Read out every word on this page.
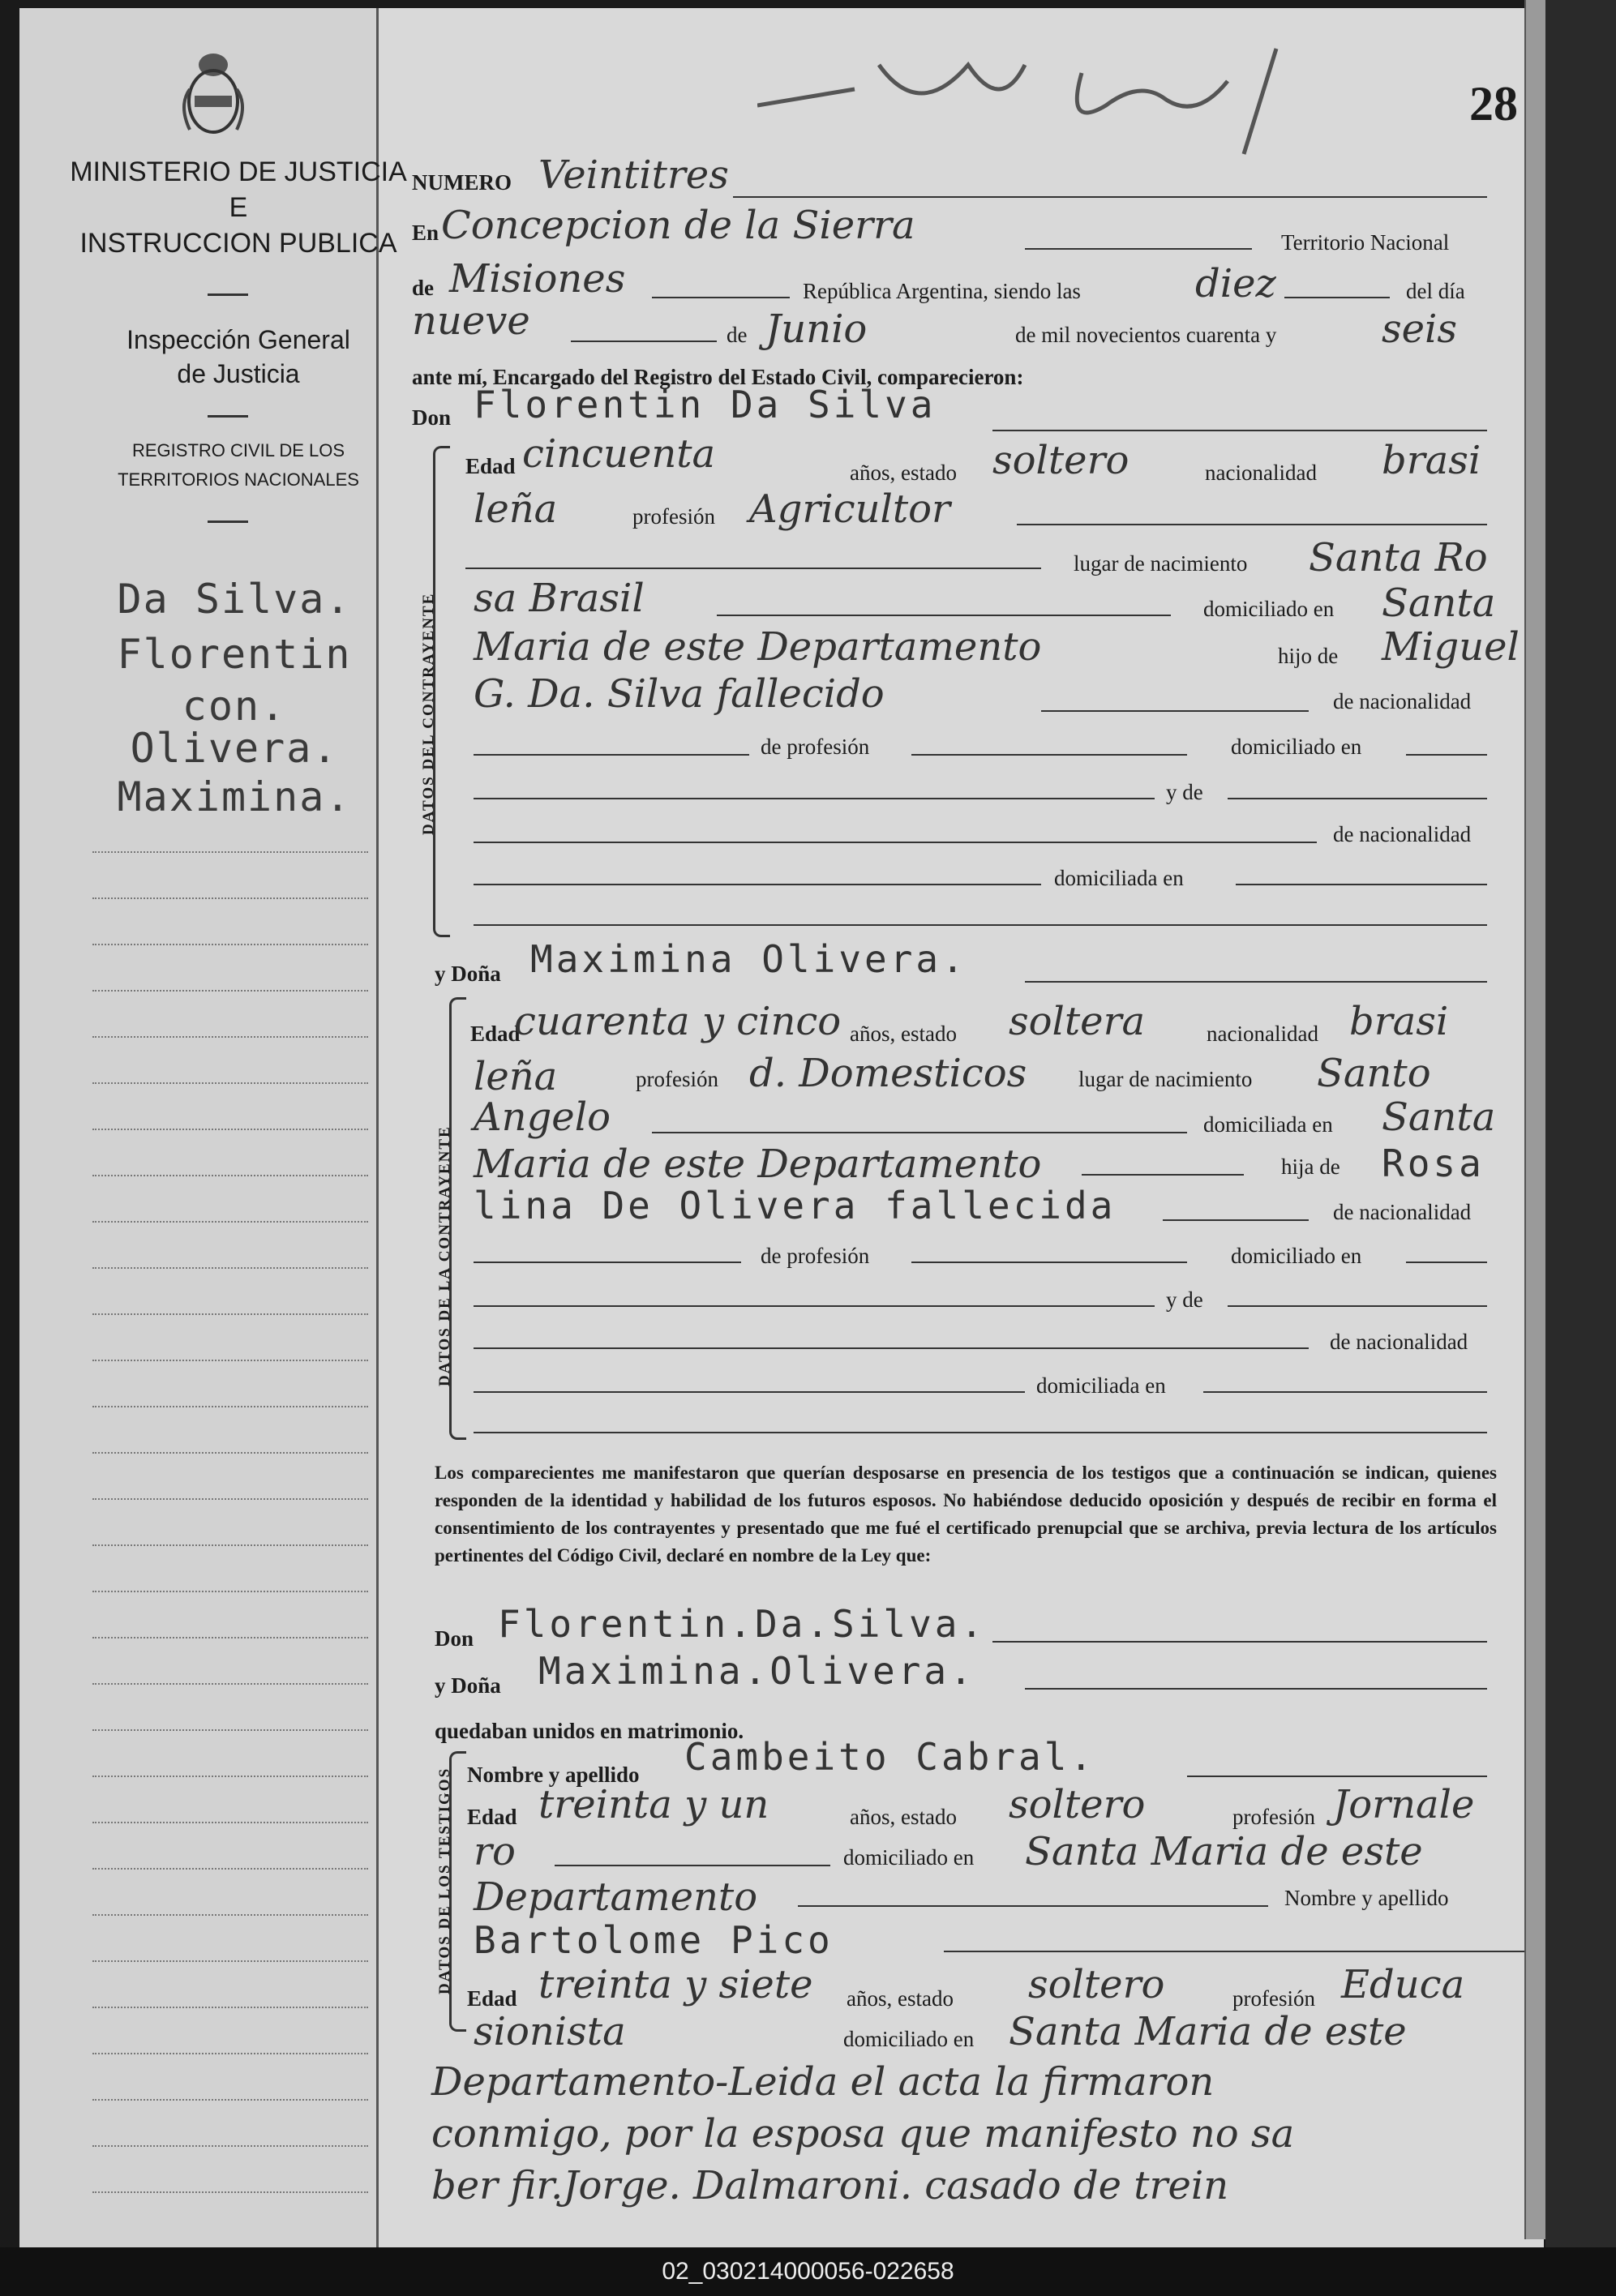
MINISTERIO DE JUSTICIA
E
INSTRUCCION PUBLICA
Inspección General
de Justicia
REGISTRO CIVIL DE LOS
TERRITORIOS NACIONALES
Da Silva.
Florentin
con.
Olivera.
Maximina.
28
NUMERO Veintitres
En Concepcion de la Sierra	Territorio Nacional
de Misiones	República Argentina, siendo las	diez	del día
nueve	de Junio	de mil novecientos cuarenta y	seis
ante mí, Encargado del Registro del Estado Civil, comparecieron:
Don Florentin Da Silva
DATOS DEL CONTRAYENTE
Edad cincuenta	años, estado soltero	nacionalidad brasi
leña	profesión Agricultor
lugar de nacimiento Santa Ro
sa Brasil	domiciliado en Santa
Maria de este Departamento	hijo de Miguel
G. Da. Silva fallecido	de nacionalidad
de profesión	domiciliado en
y de
de nacionalidad
domiciliada en
y Doña Maximina Olivera.
DATOS DE LA CONTRAYENTE
Edad
cuarenta y cinco años, estado soltera	nacionalidad brasi
leña	profesión d. Domesticos lugar de nacimiento Santo
Angelo	domiciliada en Santa
Maria de este Departamento	hija de Rosa
lina De Olivera fallecida	de nacionalidad
de profesión	domiciliado en
y de
de nacionalidad
domiciliada en
Los comparecientes me manifestaron que querían desposarse en presencia de los testigos que a continuación se indican, quienes responden de la identidad y habilidad de los futuros esposos. No habiéndose deducido oposición y después de recibir en forma el consentimiento de los contrayentes y presentado que me fué el certificado prenupcial que se archiva, previa lectura de los artículos pertinentes del Código Civil, declaré en nombre de la Ley que:
Don Florentin.Da.Silva.
y Doña Maximina.Olivera.
quedaban unidos en matrimonio.
DATOS DE LOS TESTIGOS Nombre y apellido Cambeito Cabral.
Edad treinta y un	años, estado soltero	profesión Jornale
ro	domiciliado en Santa Maria de este
Departamento	Nombre y apellido
Bartolome Pico
Edad treinta y siete años, estado soltero	profesión Educa
sionista	domiciliado en Santa Maria de este
Departamento-Leida el acta la firmaron
conmigo, por la esposa que manifesto no sa
ber fir.Jorge. Dalmaroni. casado de trein
02_030214000056-022658
